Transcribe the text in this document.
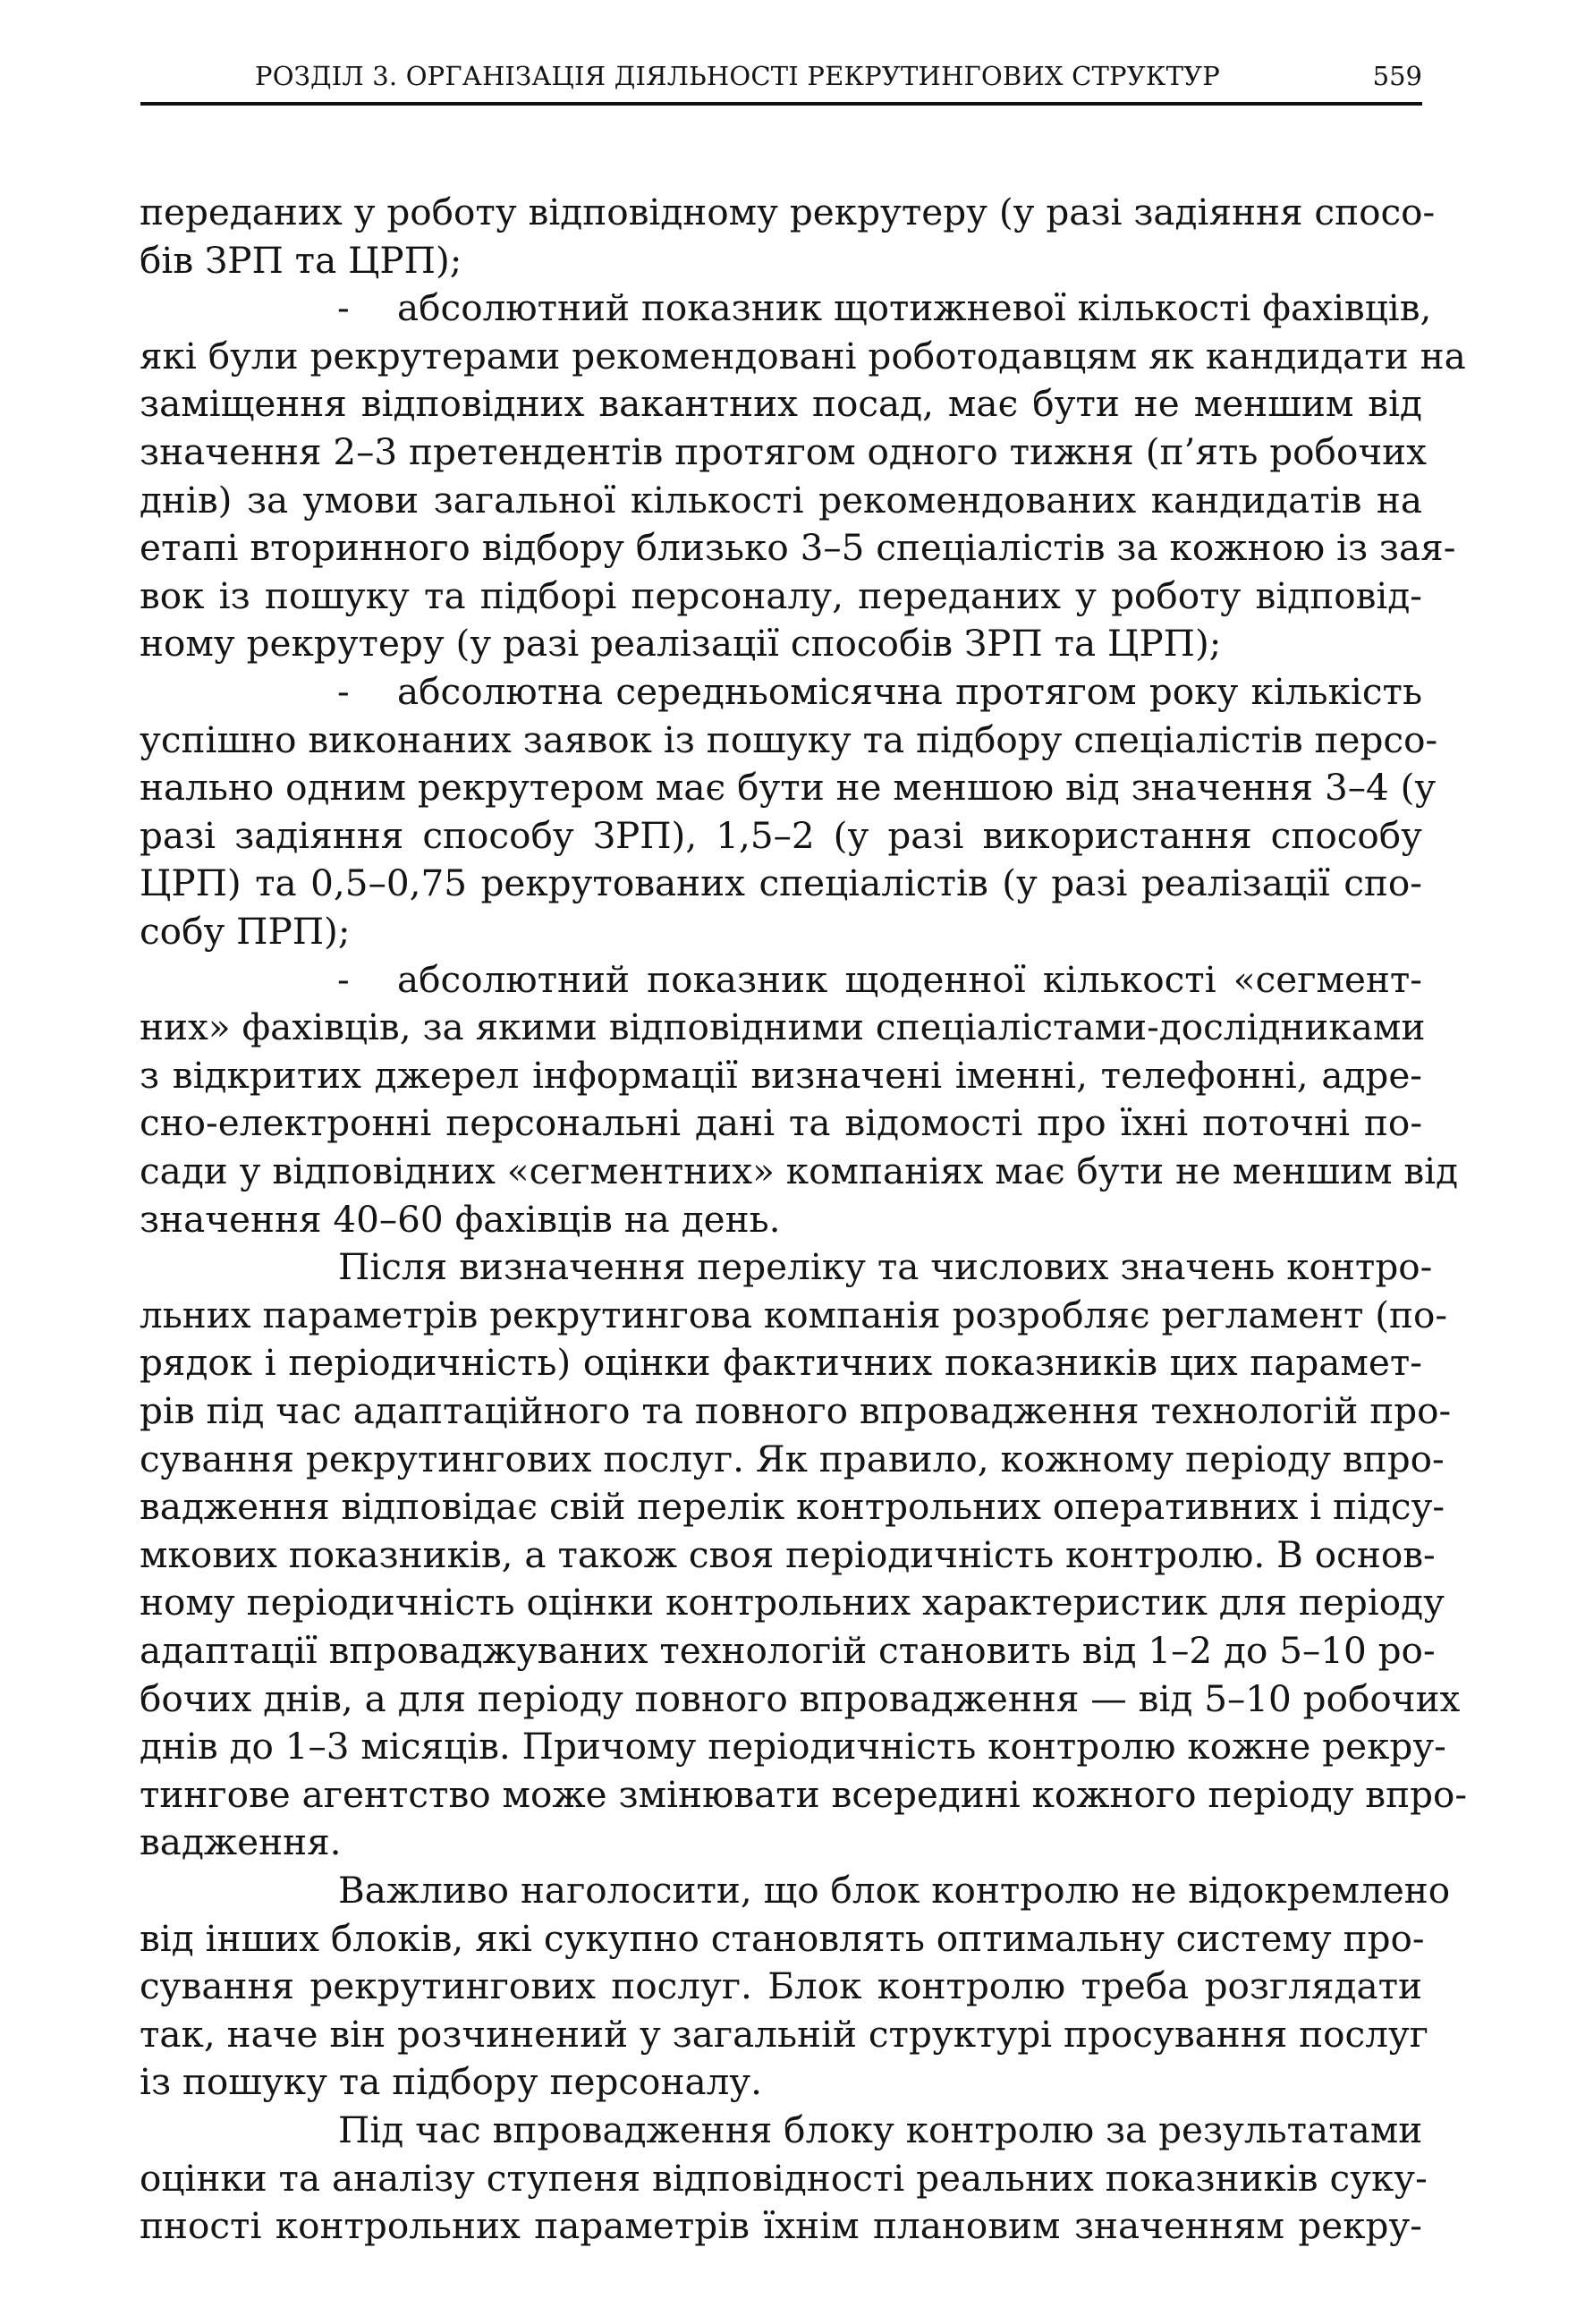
РОЗДІЛ 3. ОРГАНІЗАЦІЯ ДІЯЛЬНОСТІ РЕКРУТИНГОВИХ СТРУКТУР	559
переданих у роботу відповідному рекрутеру (у разі задіяння спосо-
бів ЗРП та ЦРП);
- абсолютний показник щотижневої кількості фахівців,
які були рекрутерами рекомендовані роботодавцям як кандидати на
заміщення відповідних вакантних посад, має бути не меншим від
значення 2–3 претендентів протягом одного тижня (п’ять робочих
днів) за умови загальної кількості рекомендованих кандидатів на
етапі вторинного відбору близько 3–5 спеціалістів за кожною із зая-
вок із пошуку та підборі персоналу, переданих у роботу відповід-
ному рекрутеру (у разі реалізації способів ЗРП та ЦРП);
- абсолютна середньомісячна протягом року кількість
успішно виконаних заявок із пошуку та підбору спеціалістів персо-
нально одним рекрутером має бути не меншою від значення 3–4 (у
разі задіяння способу ЗРП), 1,5–2 (у разі використання способу
ЦРП) та 0,5–0,75 рекрутованих спеціалістів (у разі реалізації спо-
собу ПРП);
- абсолютний показник щоденної кількості «сегмент-
них» фахівців, за якими відповідними спеціалістами-дослідниками
з відкритих джерел інформації визначені іменні, телефонні, адре-
сно-електронні персональні дані та відомості про їхні поточні по-
сади у відповідних «сегментних» компаніях має бути не меншим від
значення 40–60 фахівців на день.
Після визначення переліку та числових значень контро-
льних параметрів рекрутингова компанія розробляє регламент (по-
рядок і періодичність) оцінки фактичних показників цих парамет-
рів під час адаптаційного та повного впровадження технологій про-
сування рекрутингових послуг. Як правило, кожному періоду впро-
вадження відповідає свій перелік контрольних оперативних і підсу-
мкових показників, а також своя періодичність контролю. В основ-
ному періодичність оцінки контрольних характеристик для періоду
адаптації впроваджуваних технологій становить від 1–2 до 5–10 ро-
бочих днів, а для періоду повного впровадження — від 5–10 робочих
днів до 1–3 місяців. Причому періодичність контролю кожне рекру-
тингове агентство може змінювати всередині кожного періоду впро-
вадження.
Важливо наголосити, що блок контролю не відокремлено
від інших блоків, які сукупно становлять оптимальну систему про-
сування рекрутингових послуг. Блок контролю треба розглядати
так, наче він розчинений у загальній структурі просування послуг
із пошуку та підбору персоналу.
Під час впровадження блоку контролю за результатами
оцінки та аналізу ступеня відповідності реальних показників суку-
пності контрольних параметрів їхнім плановим значенням рекру-
